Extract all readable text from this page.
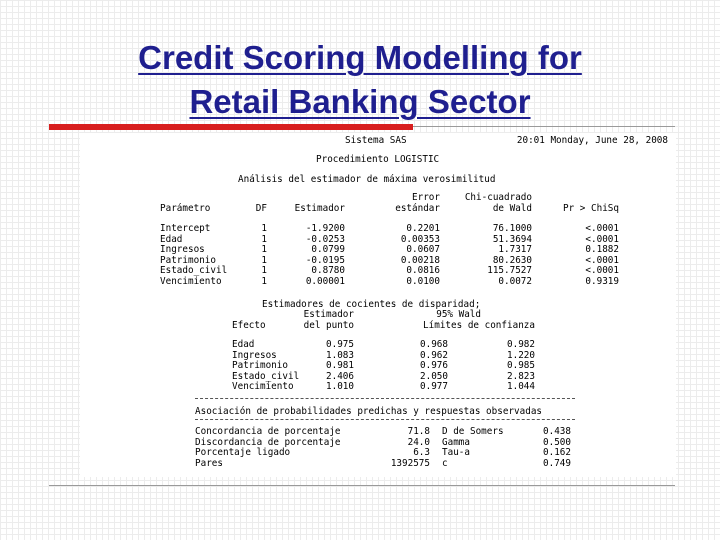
Credit Scoring Modelling for
Retail Banking Sector
Sistema SAS	20:01 Monday, June 28, 2008
Procedimiento LOGISTIC
Análisis del estimador de máxima verosimilitud
Error	Chi-cuadrado
Parámetro	DF	Estimador	estándar	de Wald	Pr > ChiSq
Intercept	1	-1.9200	0.2201	76.1000	<.0001
Edad	1	-0.0253	0.00353	51.3694	<.0001
Ingresos	1	0.0799	0.0607	1.7317	0.1882
Patrimonio	1	-0.0195	0.00218	80.2630	<.0001
Estado_civil	1	0.8780	0.0816	115.7527	<.0001
Vencimiento	1	0.00001	0.0100	0.0072	0.9319
Estimadores de cocientes de disparidad;
Estimador	95% Wald
Efecto	del punto	Límites de confianza
Edad	0.975	0.968	0.982
Ingresos	1.083	0.962	1.220
Patrimonio	0.981	0.976	0.985
Estado_civil	2.406	2.050	2.823
Vencimiento	1.010	0.977	1.044
Asociación de probabilidades predichas y respuestas observadas
Concordancia de porcentaje	71.8 D de Somers	0.438
Discordancia de porcentaje	24.0 Gamma	0.500
Porcentaje ligado	6.3 Tau-a	0.162
Pares	1392575 c	0.749
